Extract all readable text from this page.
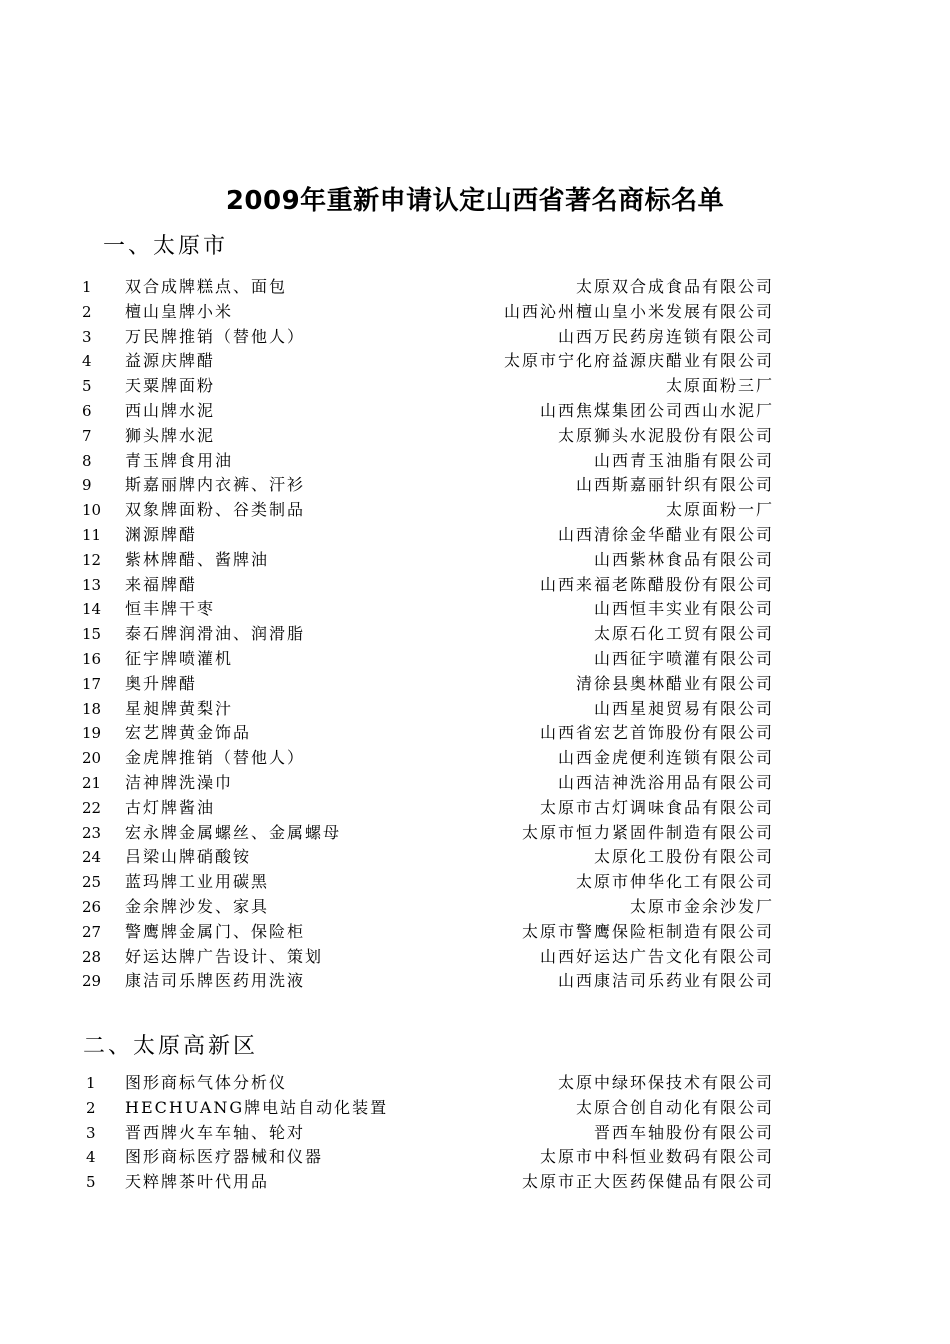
2009年重新申请认定山西省著名商标名单
一、太原市
1 双合成牌糕点、面包	太原双合成食品有限公司
2 檀山皇牌小米	山西沁州檀山皇小米发展有限公司
3 万民牌推销（替他人）	山西万民药房连锁有限公司
4 益源庆牌醋	太原市宁化府益源庆醋业有限公司
5 天粟牌面粉	太原面粉三厂
6 西山牌水泥	山西焦煤集团公司西山水泥厂
7 狮头牌水泥	太原狮头水泥股份有限公司
8 青玉牌食用油	山西青玉油脂有限公司
9 斯嘉丽牌内衣裤、汗衫	山西斯嘉丽针织有限公司
10 双象牌面粉、谷类制品	太原面粉一厂
11 渊源牌醋	山西清徐金华醋业有限公司
12 紫林牌醋、酱牌油	山西紫林食品有限公司
13 来福牌醋	山西来福老陈醋股份有限公司
14 恒丰牌干枣	山西恒丰实业有限公司
15 泰石牌润滑油、润滑脂	太原石化工贸有限公司
16 征宇牌喷灌机	山西征宇喷灌有限公司
17 奥升牌醋	清徐县奥林醋业有限公司
18 星昶牌黄梨汁	山西星昶贸易有限公司
19 宏艺牌黄金饰品	山西省宏艺首饰股份有限公司
20 金虎牌推销（替他人）	山西金虎便利连锁有限公司
21 洁神牌洗澡巾	山西洁神洗浴用品有限公司
22 古灯牌酱油	太原市古灯调味食品有限公司
23 宏永牌金属螺丝、金属螺母	太原市恒力紧固件制造有限公司
24 吕梁山牌硝酸铵	太原化工股份有限公司
25 蓝玛牌工业用碳黑	太原市伸华化工有限公司
26 金余牌沙发、家具	太原市金余沙发厂
27 警鹰牌金属门、保险柜	太原市警鹰保险柜制造有限公司
28 好运达牌广告设计、策划	山西好运达广告文化有限公司
29 康洁司乐牌医药用洗液	山西康洁司乐药业有限公司
二、太原高新区
1 图形商标气体分析仪	太原中绿环保技术有限公司
2 HECHUANG牌电站自动化装置	太原合创自动化有限公司
3 晋西牌火车车轴、轮对	晋西车轴股份有限公司
4 图形商标医疗器械和仪器	太原市中科恒业数码有限公司
5 天粹牌茶叶代用品	太原市正大医药保健品有限公司
